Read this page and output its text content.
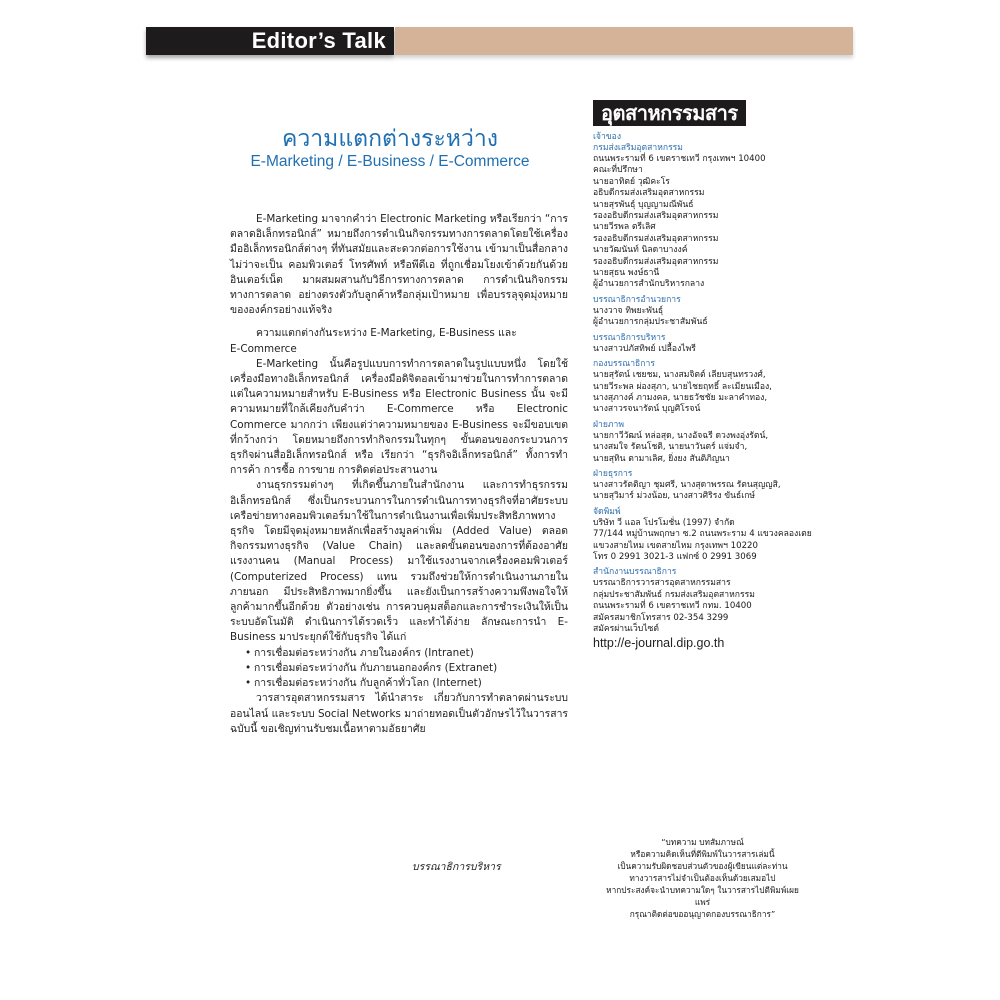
Editor’s Talk
ความแตกต่างระหว่าง
E-Marketing / E-Business / E-Commerce

E-Marketing มาจากคำว่า Electronic Marketing หรือเรียกว่า “การตลาดอิเล็กทรอนิกส์” หมายถึงการดำเนินกิจกรรมทางการตลาดโดยใช้เครื่องมืออิเล็กทรอนิกส์ต่างๆ ที่ทันสมัยและสะดวกต่อการใช้งาน เข้ามาเป็นสื่อกลาง ไม่ว่าจะเป็น คอมพิวเตอร์ โทรศัพท์ หรือพีดีเอ ที่ถูกเชื่อมโยงเข้าด้วยกันด้วยอินเตอร์เน็ต มาผสมผสานกับวิธีการทางการตลาด การดำเนินกิจกรรมทางการตลาด อย่างตรงตัวกับลูกค้าหรือกลุ่มเป้าหมาย เพื่อบรรลุจุดมุ่งหมายขององค์กรอย่างแท้จริง

ความแตกต่างกันระหว่าง E-Marketing, E-Business และ

E-Commerce

E-Marketing นั้นคือรูปแบบการทำการตลาดในรูปแบบหนึ่ง โดยใช้เครื่องมือทางอิเล็กทรอนิกส์ เครื่องมือดิจิตอลเข้ามาช่วยในการทำการตลาด แต่ในความหมายสำหรับ E-Business หรือ Electronic Business นั้น จะมีความหมายที่ใกล้เคียงกับคำว่า E-Commerce หรือ Electronic Commerce มากกว่า เพียงแต่ว่าความหมายของ E-Business จะมีขอบเขตที่กว้างกว่า โดยหมายถึงการทำกิจกรรมในทุกๆ ขั้นตอนของกระบวนการธุรกิจผ่านสื่ออิเล็กทรอนิกส์ หรือ เรียกว่า “ธุรกิจอิเล็กทรอนิกส์” ทั้งการทำ การค้า การซื้อ การขาย การติดต่อประสานงาน

งานธุรกรรมต่างๆ ที่เกิดขึ้นภายในสำนักงาน และการทำธุรกรรมอิเล็กทรอนิกส์ ซึ่งเป็นกระบวนการในการดำเนินการทางธุรกิจที่อาศัยระบบเครือข่ายทางคอมพิวเตอร์มาใช้ในการดำเนินงานเพื่อเพิ่มประสิทธิภาพทางธุรกิจ โดยมีจุดมุ่งหมายหลักเพื่อสร้างมูลค่าเพิ่ม (Added Value) ตลอดกิจกรรมทางธุรกิจ (Value Chain) และลดขั้นตอนของการที่ต้องอาศัยแรงงานคน (Manual Process) มาใช้แรงงานจากเครื่องคอมพิวเตอร์ (Computerized Process) แทน รวมถึงช่วยให้การดำเนินงานภายใน ภายนอก มีประสิทธิภาพมากยิ่งขึ้น และยังเป็นการสร้างความพึงพอใจให้ลูกค้ามากขึ้นอีกด้วย ตัวอย่างเช่น การควบคุมสต็อกและการชำระเงินให้เป็นระบบอัตโนมัติ ดำเนินการได้รวดเร็ว และทำได้ง่าย ลักษณะการนำ E-Business มาประยุกต์ใช้กับธุรกิจ ได้แก่

• การเชื่อมต่อระหว่างกัน ภายในองค์กร (Intranet)
• การเชื่อมต่อระหว่างกัน กับภายนอกองค์กร (Extranet)
• การเชื่อมต่อระหว่างกัน กับลูกค้าทั่วโลก (Internet)

วารสารอุตสาหกรรมสาร ได้นำสาระ เกี่ยวกับการทำตลาดผ่านระบบออนไลน์ และระบบ Social Networks มาถ่ายทอดเป็นตัวอักษรไว้ในวารสารฉบับนี้ ขอเชิญท่านรับชมเนื้อหาตามอัธยาศัย

บรรณาธิการบริหาร
อุตสาหกรรมสาร
เจ้าของ
กรมส่งเสริมอุตสาหกรรม
ถนนพระรามที่ 6 เขตราชเทวี กรุงเทพฯ 10400
คณะที่ปรึกษา
นายอาทิตย์ วุฒิคะโร
อธิบดีกรมส่งเสริมอุตสาหกรรม
นายสุรพันธุ์ บุญญามณีพันธ์
รองอธิบดีกรมส่งเสริมอุตสาหกรรม
นายวีรพล ตรีเลิศ
รองอธิบดีกรมส่งเสริมอุตสาหกรรม
นายวัฒนันท์ นิลดาบางงค์
รองอธิบดีกรมส่งเสริมอุตสาหกรรม
นายสุธน พงษ์ธานี
ผู้อำนวยการสำนักบริหารกลาง
บรรณาธิการอำนวยการ
นางวาจ ทิพยะพันธุ์
ผู้อำนวยการกลุ่มประชาสัมพันธ์
บรรณาธิการบริหาร
นางสาวปภัสทิพย์ เปลื้องไพรี
กองบรรณาธิการ
นายสุรัตน์ เชยชม, นางสมจิตต์ เลียบสุนทรวงศ์,
นายวีระพล ผ่องสุภา, นายไชยฤทธิ์ ละเมียนเมือง,
นางสุภางค์ ภามงคล, นายธวัชชัย มะลาคำทอง,
นางสาวรจนารัตน์ บุญศิโรจน์
ฝ่ายภาพ
นายกาวีวัฒน์ หล่อสุด, นางอัจฉรี ดวงพงอุ่งรัตน์,
นางสมใจ รัตนโชติ, นายนาวันตร์ แจ่มจำ,
นายสุทิน ตามาเลิศ, ยิ่งยง สันติภิญนา
ฝ่ายธุรการ
นางสาวรัตติญา ชุมศรี, นางสุดาพรรณ รัตนสุญญสิ,
นายสุวิมาร์ ม่วงน้อย, นางสาวศิริรง ขันธ์เกษ์
จัดพิมพ์
บริษัท วี แอล โปรโมชั่น (1997) จำกัด
77/144 หมู่บ้านพฤกษา ซ.2 ถนนพระราม 4 แขวงคลองเตย
แขวงสายไหม เขตสายไหม กรุงเทพฯ 10220
โทร 0 2991 3021-3 แฟกซ์ 0 2991 3069
สำนักงานบรรณาธิการ
บรรณาธิการวารสารอุตสาหกรรมสาร
กลุ่มประชาสัมพันธ์ กรมส่งเสริมอุตสาหกรรม
ถนนพระรามที่ 6 เขตราชเทวี กทม. 10400
สมัครสมาชิกโทรสาร 02-354 3299
สมัครผ่านเว็บไซต์
http://e-journal.dip.go.th
“บทความ บทสัมภาษณ์
หรือความคิดเห็นที่ตีพิมพ์ในวารสารเล่มนี้
เป็นความรับผิดชอบส่วนตัวของผู้เขียนแต่ละท่าน
ทางวารสารไม่จำเป็นต้องเห็นด้วยเสมอไป
หากประสงค์จะนำบทความใดๆ ในวารสารไปตีพิมพ์เผยแพร่
กรุณาติดต่อขออนุญาตกองบรรณาธิการ”
